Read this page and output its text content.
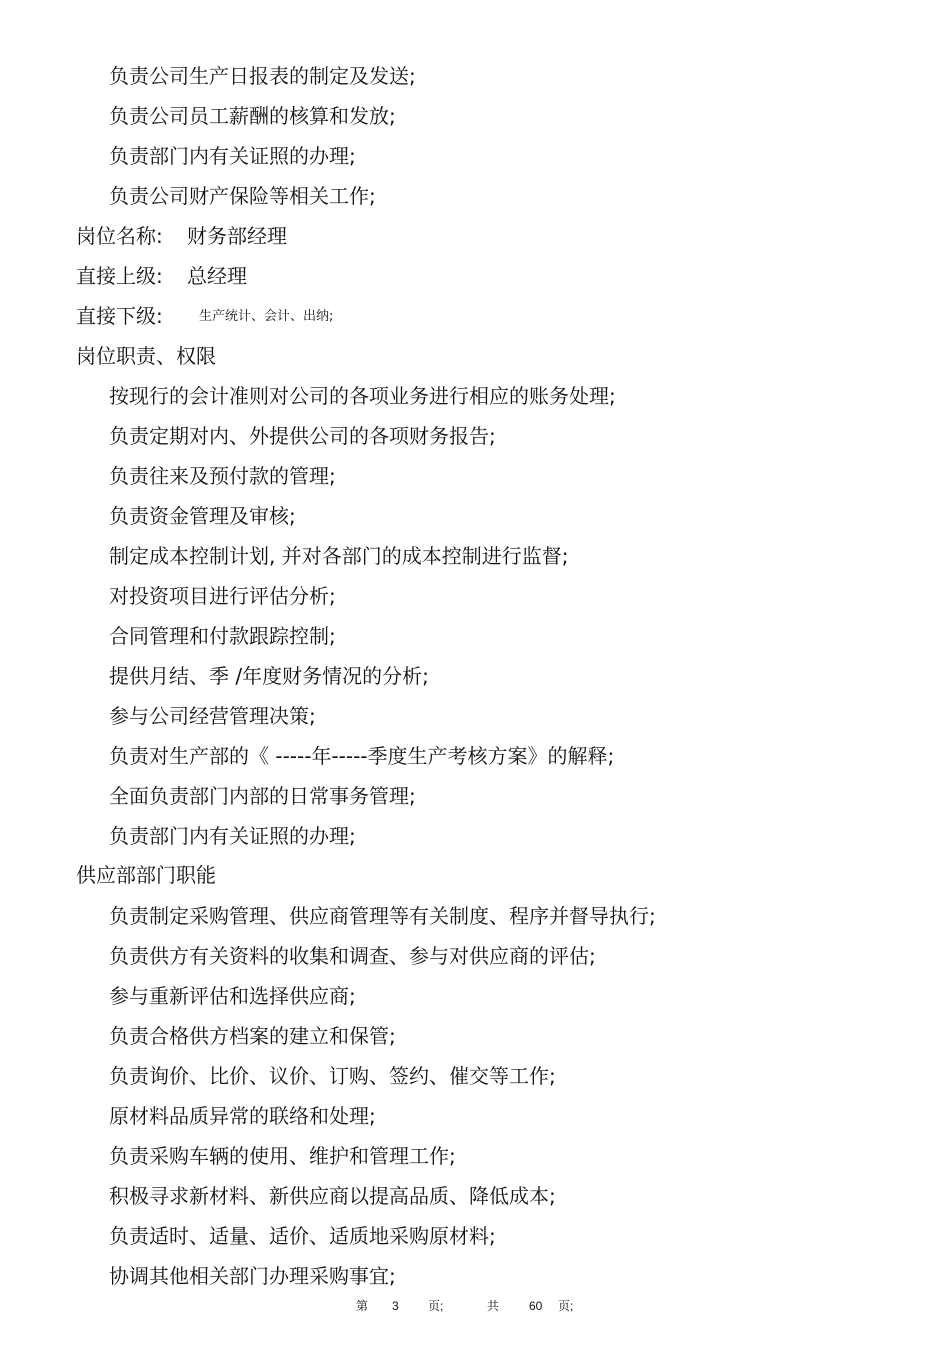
负责公司生产日报表的制定及发送;
负责公司员工薪酬的核算和发放;
负责部门内有关证照的办理;
负责公司财产保险等相关工作;
岗位名称: 财务部经理
直接上级: 总经理
直接下级:	生产统计、会计、出纳;
岗位职责、权限
按现行的会计准则对公司的各项业务进行相应的账务处理;
负责定期对内、外提供公司的各项财务报告;
负责往来及预付款的管理;
负责资金管理及审核;
制定成本控制计划, 并对各部门的成本控制进行监督;
对投资项目进行评估分析;
合同管理和付款跟踪控制;
提供月结、季 /年度财务情况的分析;
参与公司经营管理决策;
负责对生产部的《 -----年-----季度生产考核方案》的解释;
全面负责部门内部的日常事务管理;
负责部门内有关证照的办理;
供应部部门职能
负责制定采购管理、供应商管理等有关制度、程序并督导执行;
负责供方有关资料的收集和调查、参与对供应商的评估;
参与重新评估和选择供应商;
负责合格供方档案的建立和保管;
负责询价、比价、议价、订购、签约、催交等工作;
原材料品质异常的联络和处理;
负责采购车辆的使用、维护和管理工作;
积极寻求新材料、新供应商以提高品质、降低成本;
负责适时、适量、适价、适质地采购原材料;
协调其他相关部门办理采购事宜;
第 3 页;	共 60 页;
